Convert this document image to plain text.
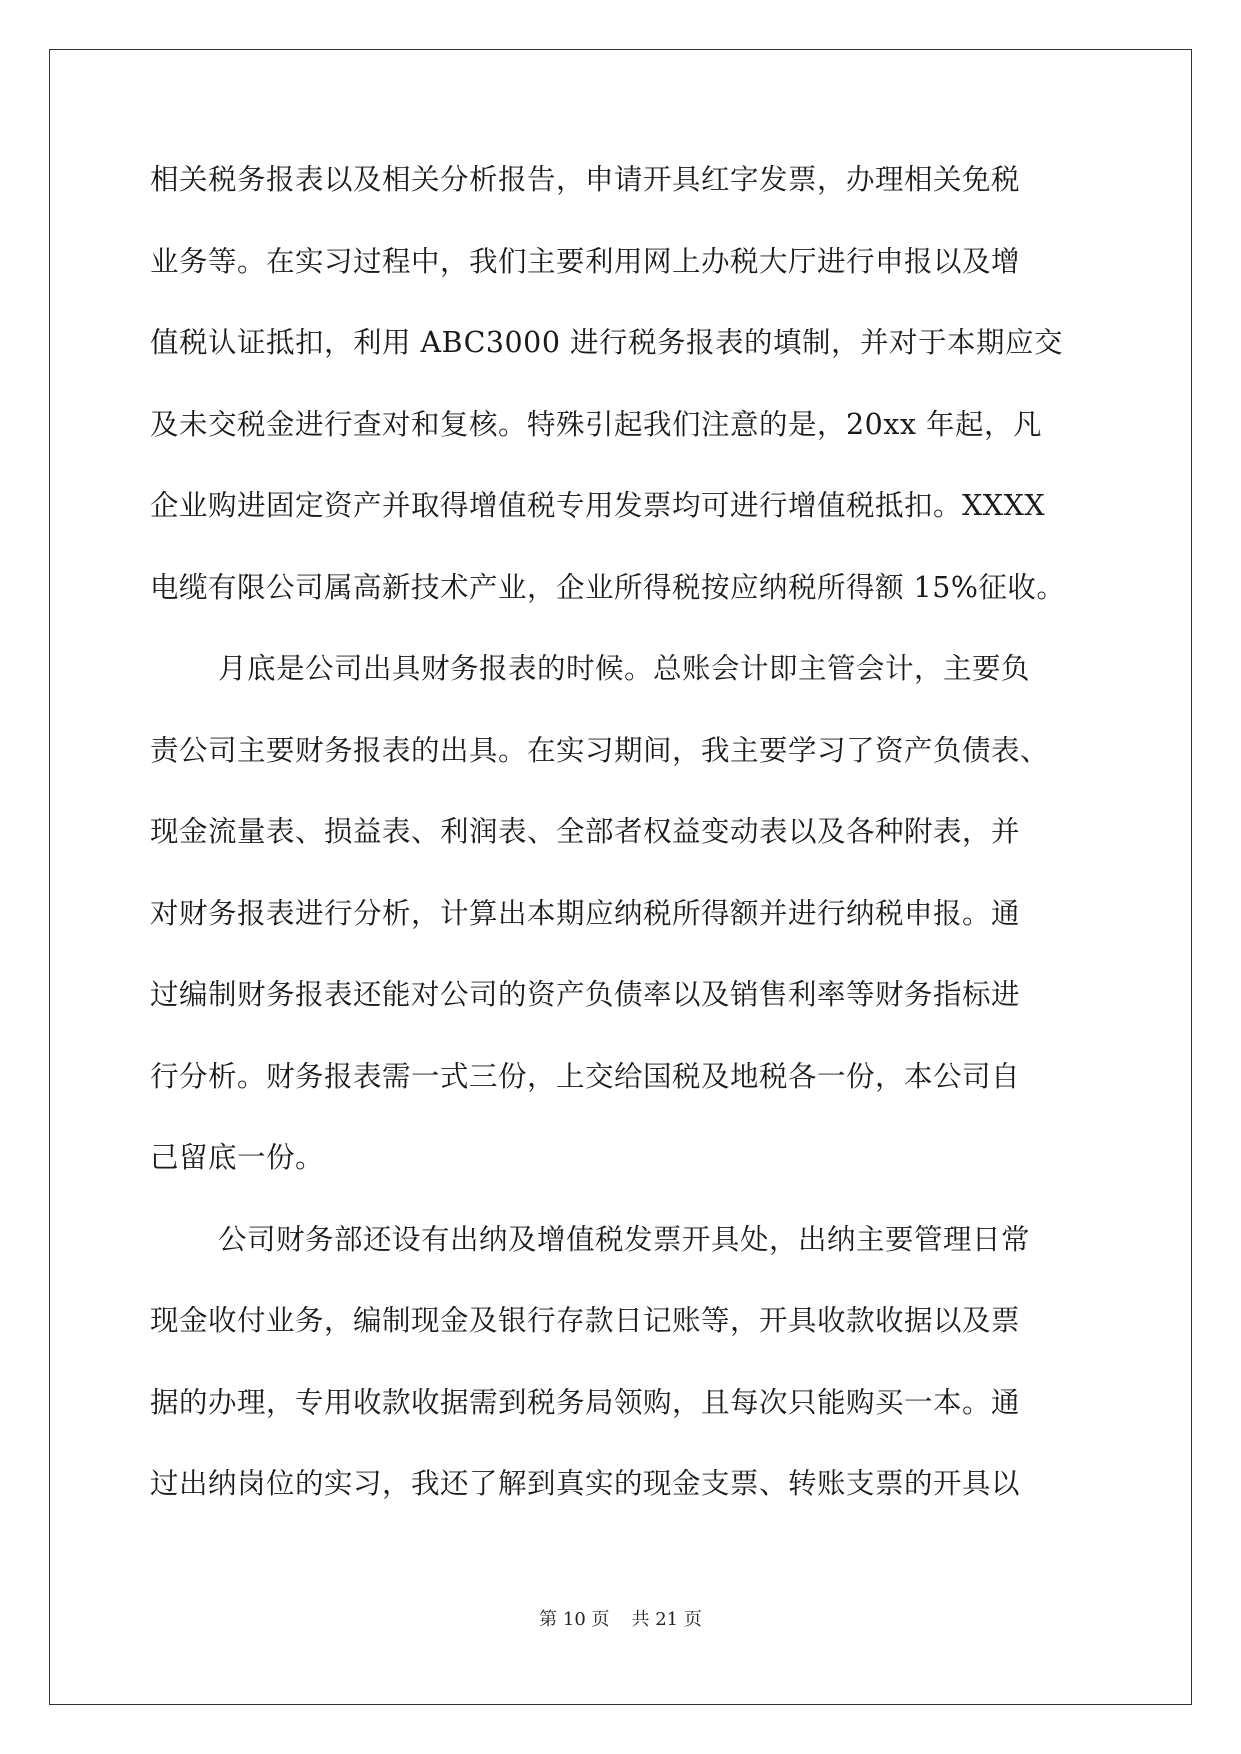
相关税务报表以及相关分析报告，申请开具红字发票，办理相关免税
业务等。在实习过程中，我们主要利用网上办税大厅进行申报以及增
值税认证抵扣，利用 ABC3000 进行税务报表的填制，并对于本期应交
及未交税金进行查对和复核。特殊引起我们注意的是，20xx 年起，凡
企业购进固定资产并取得增值税专用发票均可进行增值税抵扣。XXXX
电缆有限公司属高新技术产业，企业所得税按应纳税所得额 15%征收。
月底是公司出具财务报表的时候。总账会计即主管会计，主要负
责公司主要财务报表的出具。在实习期间，我主要学习了资产负债表、
现金流量表、损益表、利润表、全部者权益变动表以及各种附表，并
对财务报表进行分析，计算出本期应纳税所得额并进行纳税申报。通
过编制财务报表还能对公司的资产负债率以及销售利率等财务指标进
行分析。财务报表需一式三份，上交给国税及地税各一份，本公司自
己留底一份。
公司财务部还设有出纳及增值税发票开具处，出纳主要管理日常
现金收付业务，编制现金及银行存款日记账等，开具收款收据以及票
据的办理，专用收款收据需到税务局领购，且每次只能购买一本。通
过出纳岗位的实习，我还了解到真实的现金支票、转账支票的开具以
第 10 页 共 21 页
